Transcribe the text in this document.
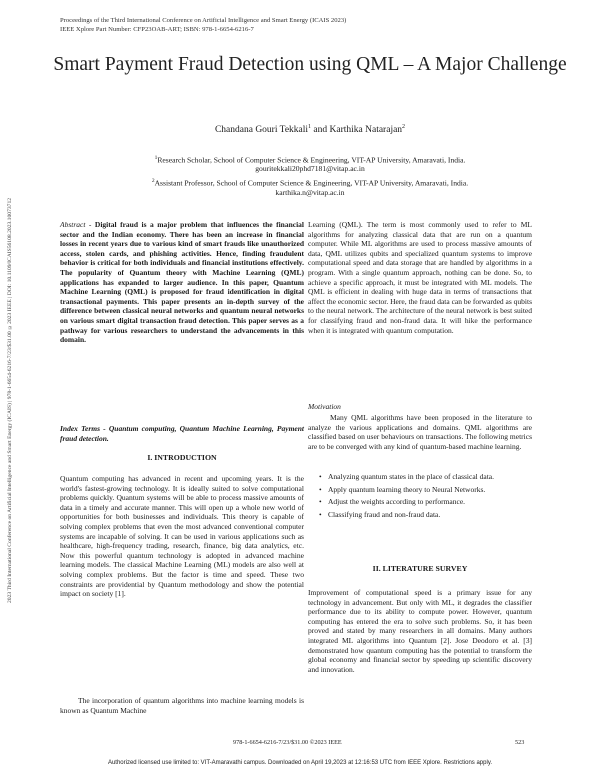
Proceedings of the Third International Conference on Artificial Intelligence and Smart Energy (ICAIS 2023)
IEEE Xplore Part Number: CFP23OAB-ART; ISBN: 978-1-6654-6216-7
2023 Third International Conference on Artificial Intelligence and Smart Energy (ICAIS) | 978-1-6654-6216-7/23/$31.00 ©2023 IEEE | DOI: 10.1109/ICAIS56108.2023.10073712
Smart Payment Fraud Detection using QML – A Major Challenge
Chandana Gouri Tekkali$^1$ and Karthika Natarajan$^2$
$^1$Research Scholar, School of Computer Science & Engineering, VIT-AP University, Amaravati, India.
gouritekkali20phd7181@vitap.ac.in
$^2$Assistant Professor, School of Computer Science & Engineering, VIT-AP University, Amaravati, India.
karthika.n@vitap.ac.in
Abstract - Digital fraud is a major problem that influences the financial sector and the Indian economy. There has been an increase in financial losses in recent years due to various kind of smart frauds like unauthorized access, stolen cards, and phishing activities. Hence, finding fraudulent behavior is critical for both individuals and financial institutions effectively. The popularity of Quantum theory with Machine Learning (QML) applications has expanded to larger audience. In this paper, Quantum Machine Learning (QML) is proposed for fraud identification in digital transactional payments. This paper presents an in-depth survey of the difference between classical neural networks and quantum neural networks on various smart digital transaction fraud detection. This paper serves as a pathway for various researchers to understand the advancements in this domain.
Index Terms - Quantum computing, Quantum Machine Learning, Payment fraud detection.
I. INTRODUCTION
Quantum computing has advanced in recent and upcoming years. It is the world's fastest-growing technology. It is ideally suited to solve computational problems quickly. Quantum systems will be able to process massive amounts of data in a timely and accurate manner. This will open up a whole new world of opportunities for both businesses and individuals. This theory is capable of solving complex problems that even the most advanced conventional computer systems are incapable of solving. It can be used in various applications such as healthcare, high-frequency trading, research, finance, big data analytics, etc. Now this powerful quantum technology is adopted in advanced machine learning models. The classical Machine Learning (ML) models are also well at solving complex problems. But the factor is time and speed. These two constraints are providential by Quantum methodology and show the potential impact on society [1].
The incorporation of quantum algorithms into machine learning models is known as Quantum Machine
Learning (QML). The term is most commonly used to refer to ML algorithms for analyzing classical data that are run on a quantum computer. While ML algorithms are used to process massive amounts of data, QML utilizes qubits and specialized quantum systems to improve computational speed and data storage that are handled by algorithms in a program. With a single quantum approach, nothing can be done. So, to achieve a specific approach, it must be integrated with ML models. The QML is efficient in dealing with huge data in terms of transactions that affect the economic sector. Here, the fraud data can be forwarded as qubits to the neural network. The architecture of the neural network is best suited for classifying fraud and non-fraud data. It will hike the performance when it is integrated with quantum computation.
Motivation
Many QML algorithms have been proposed in the literature to analyze the various applications and domains. QML algorithms are classified based on user behaviours on transactions. The following metrics are to be converged with any kind of quantum-based machine learning.
• Analyzing quantum states in the place of classical data.
• Apply quantum learning theory to Neural Networks.
• Adjust the weights according to performance.
• Classifying fraud and non-fraud data.
II. LITERATURE SURVEY
Improvement of computational speed is a primary issue for any technology in advancement. But only with ML, it degrades the classifier performance due to its ability to compute power. However, quantum computing has entered the era to solve such problems. So, it has been proved and stated by many researchers in all domains. Many authors integrated ML algorithms into Quantum [2]. Jose Deodoro et al. [3] demonstrated how quantum computing has the potential to transform the global economy and financial sector by speeding up scientific discovery and innovation.
978-1-6654-6216-7/23/$31.00 ©2023 IEEE	523
Authorized licensed use limited to: VIT-Amaravathi campus. Downloaded on April 19,2023 at 12:16:53 UTC from IEEE Xplore. Restrictions apply.
